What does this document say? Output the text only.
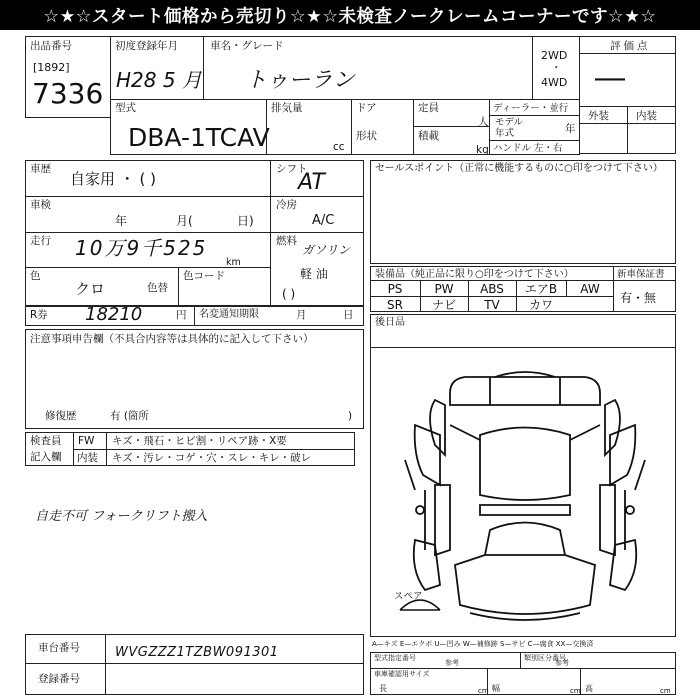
☆★☆スタート価格から売切り☆★☆未検査ノークレームコーナーです☆★☆
出品番号
[1892]
7336
初度登録年月
H28 5 月
車名・グレード
トゥーラン
2WD
・
4WD
評価点
―
外装	内装
型式
DBA-1TCAV
排気量
cc
ドア
形状
定員
人
積載
kg
ディーラー・並行
モデル
年式	年
ハンドル 左・右
車歴
自家用 ・ ( )
車検
年	月(	日)
走行 10万9千525
km
色
クロ	色替
色コード
シフト
AT
冷房
A/C
燃料
ガソリン
軽 油
( )
R券 18210	円 名変通知期限	月	日
注意事項申告欄（不具合内容等は具体的に記入して下さい）
修復歴	有 (箇所	)
検査員
記入欄
FW キズ・飛石・ヒビ割・リペア跡・X要
内装 キズ・汚レ・コゲ・穴・スレ・キレ・破レ
自走不可 フォークリフト搬入
セールスポイント（正常に機能するものに○印をつけて下さい）
装備品（純正品に限り○印をつけて下さい）
PS	PW	ABS	エアB	AW
SR	ナビ	TV	カワ
新車保証書
有・無
後日品
スペア
車台番号	WVGZZZ1TZBW091301
登録番号
A—キズ E—エクボ U—凹み W—補修跡 S—サビ C—腐食 XX—交換済
型式指定番号
参考
類別区分番号
参考
車庫確認用サイズ
長	cm 幅	cm 高	cm
